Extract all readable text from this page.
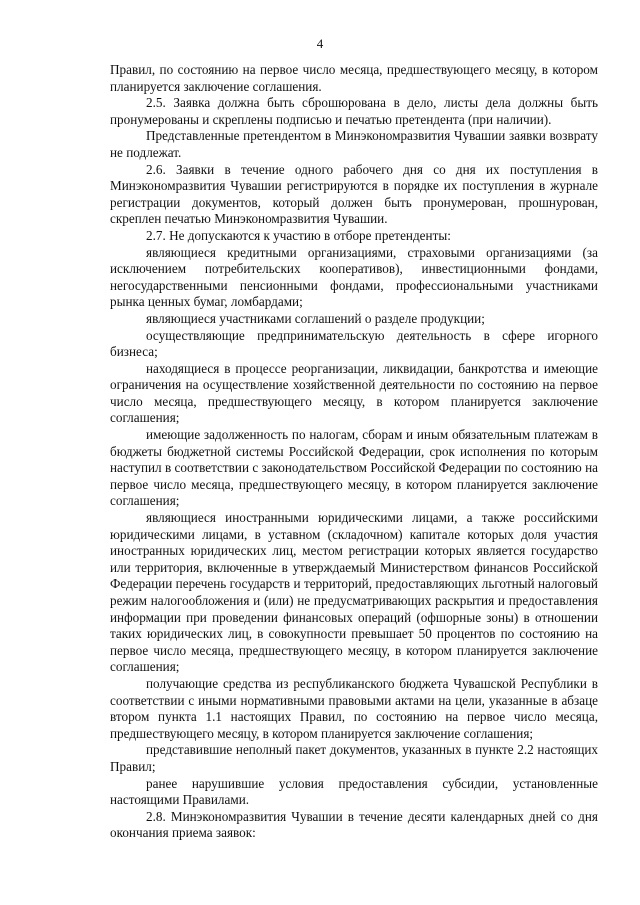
4

Правил, по состоянию на первое число месяца, предшествующего месяцу, в котором планируется заключение соглашения.

2.5. Заявка должна быть сброшюрована в дело, листы дела должны быть пронумерованы и скреплены подписью и печатью претендента (при наличии).

Представленные претендентом в Минэкономразвития Чувашии заявки возврату не подлежат.

2.6. Заявки в течение одного рабочего дня со дня их поступления в Минэкономразвития Чувашии регистрируются в порядке их поступления в журнале регистрации документов, который должен быть пронумерован, прошнурован, скреплен печатью Минэкономразвития Чувашии.

2.7. Не допускаются к участию в отборе претенденты:

являющиеся кредитными организациями, страховыми организациями (за исключением потребительских кооперативов), инвестиционными фондами, негосударственными пенсионными фондами, профессиональными участниками рынка ценных бумаг, ломбардами;

являющиеся участниками соглашений о разделе продукции;

осуществляющие предпринимательскую деятельность в сфере игорного бизнеса;

находящиеся в процессе реорганизации, ликвидации, банкротства и имеющие ограничения на осуществление хозяйственной деятельности по состоянию на первое число месяца, предшествующего месяцу, в котором планируется заключение соглашения;

имеющие задолженность по налогам, сборам и иным обязательным платежам в бюджеты бюджетной системы Российской Федерации, срок исполнения по которым наступил в соответствии с законодательством Российской Федерации по состоянию на первое число месяца, предшествующего месяцу, в котором планируется заключение соглашения;

являющиеся иностранными юридическими лицами, а также российскими юридическими лицами, в уставном (складочном) капитале которых доля участия иностранных юридических лиц, местом регистрации которых является государство или территория, включенные в утверждаемый Министерством финансов Российской Федерации перечень государств и территорий, предоставляющих льготный налоговый режим налогообложения и (или) не предусматривающих раскрытия и предоставления информации при проведении финансовых операций (офшорные зоны) в отношении таких юридических лиц, в совокупности превышает 50 процентов по состоянию на первое число месяца, предшествующего месяцу, в котором планируется заключение соглашения;

получающие средства из республиканского бюджета Чувашской Республики в соответствии с иными нормативными правовыми актами на цели, указанные в абзаце втором пункта 1.1 настоящих Правил, по состоянию на первое число месяца, предшествующего месяцу, в котором планируется заключение соглашения;

представившие неполный пакет документов, указанных в пункте 2.2 настоящих Правил;

ранее нарушившие условия предоставления субсидии, установленные настоящими Правилами.

2.8. Минэкономразвития Чувашии в течение десяти календарных дней со дня окончания приема заявок:
